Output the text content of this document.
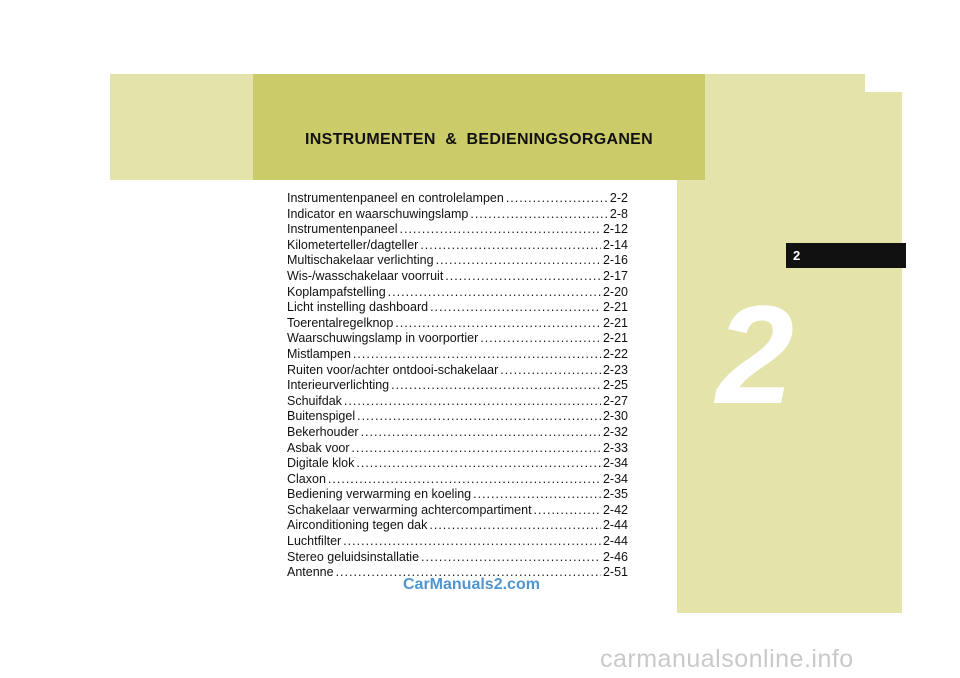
INSTRUMENTEN  &  BEDIENINGSORGANEN
2
2
Instrumentenpaneel en controlelampen .....	2-2
Indicator en waarschuwingslamp .....	2-8
Instrumentenpaneel .....	2-12
Kilometerteller/dagteller .....	2-14
Multischakelaar verlichting .....	2-16
Wis-/wasschakelaar voorruit .....	2-17
Koplampafstelling .....	2-20
Licht instelling dashboard .....	2-21
Toerentalregelknop .....	2-21
Waarschuwingslamp in voorportier .....	2-21
Mistlampen .....	2-22
Ruiten voor/achter ontdooi-schakelaar .....	2-23
Interieurverlichting .....	2-25
Schuifdak .....	2-27
Buitenspigel .....	2-30
Bekerhouder .....	2-32
Asbak voor .....	2-33
Digitale klok .....	2-34
Claxon .....	2-34
Bediening verwarming en koeling .....	2-35
Schakelaar verwarming achtercompartiment .....	2-42
Airconditioning tegen dak .....	2-44
Luchtfilter .....	2-44
Stereo geluidsinstallatie .....	2-46
Antenne .....	2-51
CarManuals2.com
carmanualsonline.info
